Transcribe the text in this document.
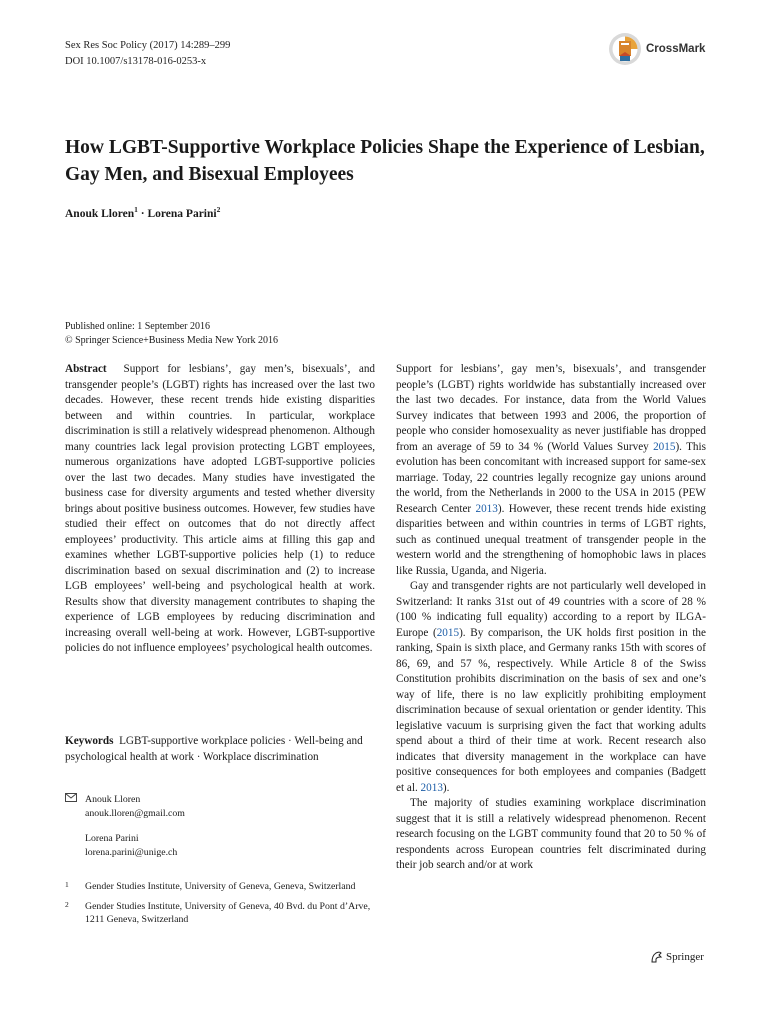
Sex Res Soc Policy (2017) 14:289–299
DOI 10.1007/s13178-016-0253-x
CrossMark
How LGBT-Supportive Workplace Policies Shape the Experience of Lesbian, Gay Men, and Bisexual Employees
Anouk Lloren$^1$ · Lorena Parini$^2$
Published online: 1 September 2016
© Springer Science+Business Media New York 2016

Abstract Support for lesbians’, gay men’s, bisexuals’, and transgender people’s (LGBT) rights has increased over the last two decades. However, these recent trends hide existing disparities between and within countries. In particular, workplace discrimination is still a relatively widespread phenomenon. Although many countries lack legal provision protecting LGBT employees, numerous organizations have adopted LGBT-supportive policies over the last two decades. Many studies have investigated the business case for diversity arguments and tested whether diversity brings about positive business outcomes. However, few studies have studied their effect on outcomes that do not directly affect employees’ productivity. This article aims at filling this gap and examines whether LGBT-supportive policies help (1) to reduce discrimination based on sexual discrimination and (2) to increase LGB employees’ well-being and psychological health at work. Results show that diversity management contributes to shaping the experience of LGB employees by reducing discrimination and increasing overall well-being at work. However, LGBT-supportive policies do not influence employees’ psychological health outcomes.

Keywords LGBT-supportive workplace policies · Well-being and psychological health at work · Workplace discrimination
Anouk Lloren
anouk.lloren@gmail.com
Lorena Parini
lorena.parini@unige.ch
1	Gender Studies Institute, University of Geneva, Geneva, Switzerland
2	Gender Studies Institute, University of Geneva, 40 Bvd. du Pont d’Arve, 1211 Geneva, Switzerland

Support for lesbians’, gay men’s, bisexuals’, and transgender people’s (LGBT) rights worldwide has substantially increased over the last two decades. For instance, data from the World Values Survey indicates that between 1993 and 2006, the proportion of people who consider homosexuality as never justifiable has dropped from an average of 59 to 34 % (World Values Survey 2015). This evolution has been concomitant with increased support for same-sex marriage. Today, 22 countries legally recognize gay unions around the world, from the Netherlands in 2000 to the USA in 2015 (PEW Research Center 2013). However, these recent trends hide existing disparities between and within countries in terms of LGBT rights, such as continued unequal treatment of transgender people in the western world and the strengthening of homophobic laws in places like Russia, Uganda, and Nigeria.

Gay and transgender rights are not particularly well developed in Switzerland: It ranks 31st out of 49 countries with a score of 28 % (100 % indicating full equality) according to a report by ILGA-Europe (2015). By comparison, the UK holds first position in the ranking, Spain is sixth place, and Germany ranks 15th with scores of 86, 69, and 57 %, respectively. While Article 8 of the Swiss Constitution prohibits discrimination on the basis of sex and one’s way of life, there is no law explicitly prohibiting employment discrimination because of sexual orientation or gender identity. This legislative vacuum is surprising given the fact that working adults spend about a third of their time at work. Recent research also indicates that diversity management in the workplace can have positive consequences for both employees and companies (Badgett et al. 2013).

The majority of studies examining workplace discrimination suggest that it is still a relatively widespread phenomenon. Recent research focusing on the LGBT community found that 20 to 50 % of respondents across European countries felt discriminated during their job search and/or at work

Springer
